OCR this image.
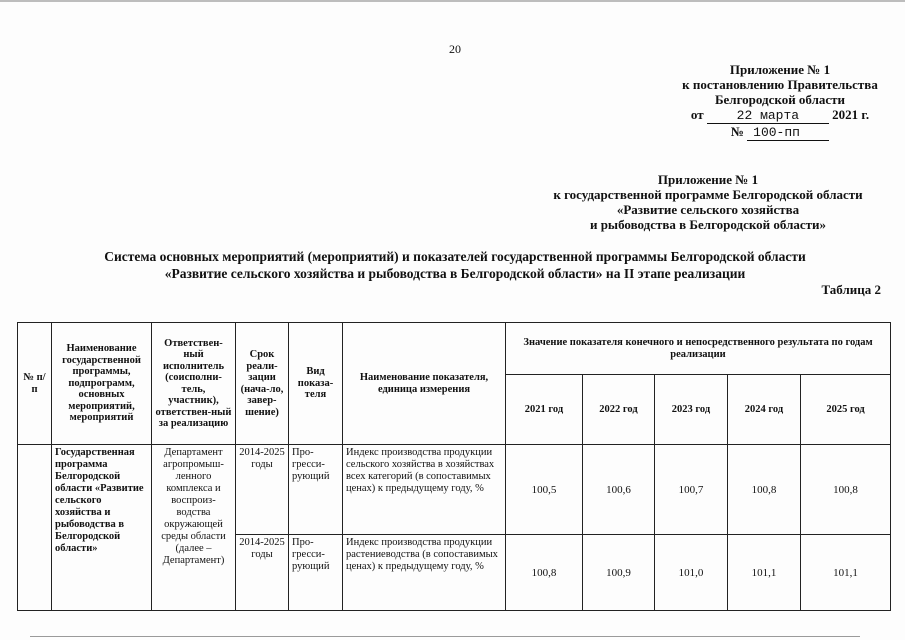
20
Приложение № 1
к постановлению Правительства
Белгородской области
от	22 марта	2021 г.
№ 100-пп
Приложение № 1
к государственной программе Белгородской области
«Развитие сельского хозяйства
и рыбоводства в Белгородской области»
Система основных мероприятий (мероприятий) и показателей государственной программы Белгородской области
«Развитие сельского хозяйства и рыбоводства в Белгородской области» на II этапе реализации
Таблица 2
№ п/п	Наименование государственной программы, подпрограмм, основных мероприятий, мероприятий	Ответствен-ный исполнитель (соисполни-тель, участник), ответствен-ный за реализацию	Срок реали-зации (нача-ло, завер-шение)	Вид показа-теля	Наименование показателя, единица измерения	Значение показателя конечного и непосредственного результата по годам реализации				
						2021 год	2022 год	2023 год	2024 год	2025 год
	Государственная программа Белгородской области «Развитие сельского хозяйства и рыбоводства в Белгородской области»	Департамент агропромыш-ленного комплекса и воспроиз-водства окружающей среды области (далее – Департамент)	2014-2025 годы	Про-гресси-рующий	Индекс производства продукции сельского хозяйства в хозяйствах всех категорий (в сопоставимых ценах) к предыдущему году, %	100,5	100,6	100,7	100,8	100,8
			2014-2025 годы	Про-гресси-рующий	Индекс производства продукции растениеводства (в сопоставимых ценах) к предыдущему году, %	100,8	100,9	101,0	101,1	101,1
